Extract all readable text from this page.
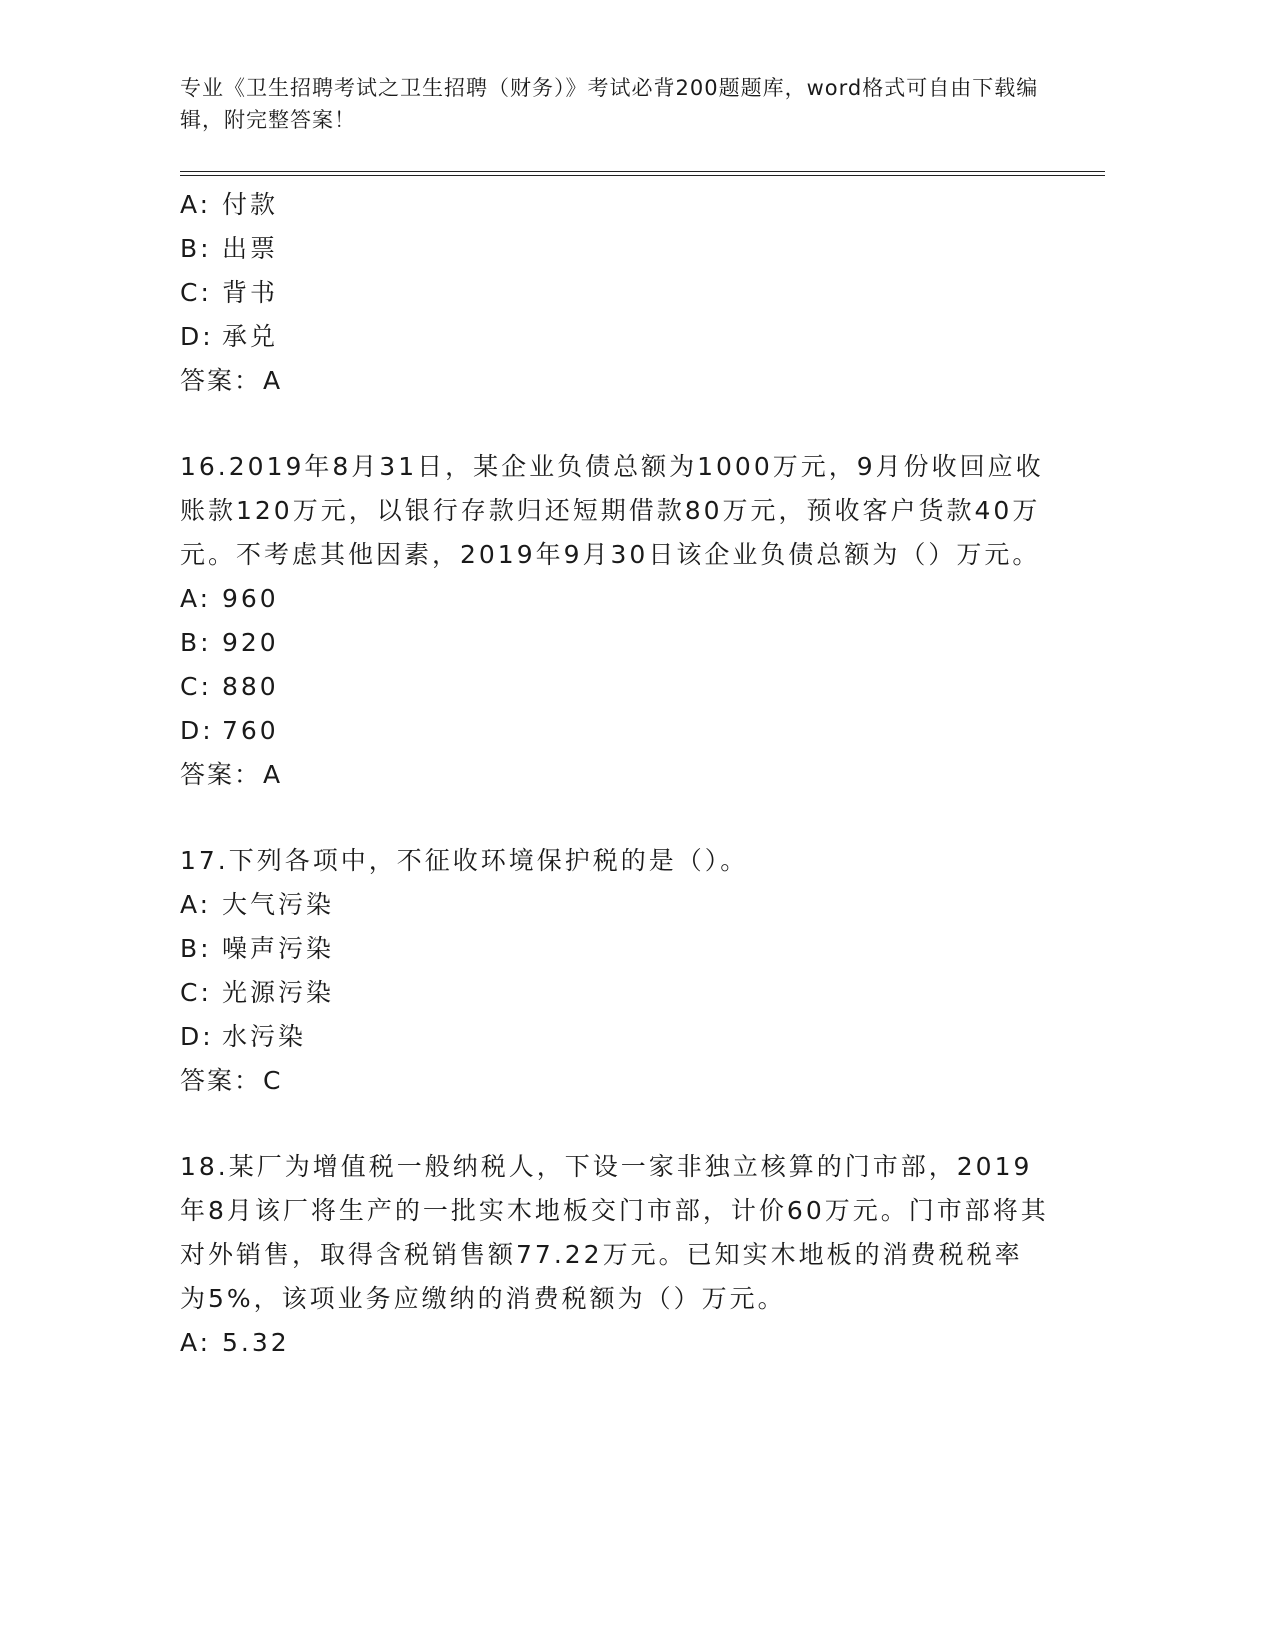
专业《卫生招聘考试之卫生招聘（财务）》考试必背200题题库，word格式可自由下载编辑，附完整答案！
A: 付款
B: 出票
C: 背书
D: 承兑
答案：A
16.2019年8月31日，某企业负债总额为1000万元，9月份收回应收账款120万元，以银行存款归还短期借款80万元，预收客户货款40万元。不考虑其他因素，2019年9月30日该企业负债总额为（）万元。
A: 960
B: 920
C: 880
D: 760
答案：A
17.下列各项中，不征收环境保护税的是（）。
A: 大气污染
B: 噪声污染
C: 光源污染
D: 水污染
答案：C
18.某厂为增值税一般纳税人，下设一家非独立核算的门市部，2019年8月该厂将生产的一批实木地板交门市部，计价60万元。门市部将其对外销售，取得含税销售额77.22万元。已知实木地板的消费税税率为5%，该项业务应缴纳的消费税额为（）万元。
A: 5.32
